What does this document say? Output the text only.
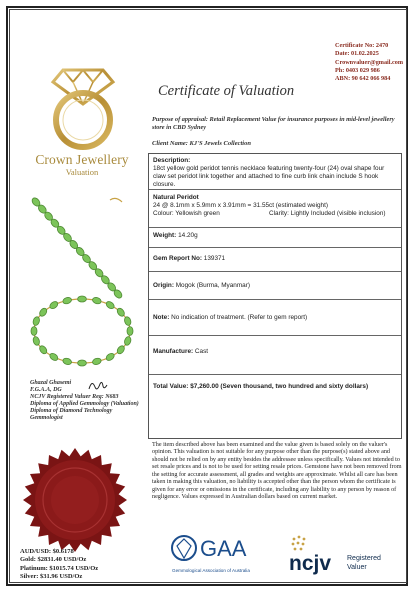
Crown Jewellery
Valuation
Certificate No: 2470
Date: 01.02.2025
Crownvaluer@gmail.com
Ph: 0403 029 986
ABN: 90 642 066 984
Certificate of Valuation
Purpose of appraisal: Retail Replacement Value for insurance purposes in mid-level jewellery store in CBD Sydney
Client Name: KJ'S Jewels Collection
Ghazal Ghasemi
F.G.A.A, DG
NCJV Registered Valuer Reg: N683
Diploma of Applied Gemmology (Valuation)
Diploma of Diamond Technology
Gemmologist
AUD/USD: $0.6178
Gold: $2831.40 USD/Oz
Platinum: $1015.74 USD/Oz
Silver: $31.96 USD/Oz
Description:
18ct yellow gold peridot tennis necklace featuring twenty-four (24) oval shape four claw set peridot link together and attached to fine curb link chain include S hook closure.
Natural Peridot
24 @ 8.1mm x 5.9mm x 3.91mm = 31.55ct (estimated weight)
Colour: Yellowish green	Clarity: Lightly Included (visible inclusion)
Weight: 14.20g
Gem Report No: 139371
Origin: Mogok (Burma, Myanmar)
Note: No indication of treatment. (Refer to gem report)
Manufacture: Cast
Total Value: $7,260.00 (Seven thousand, two hundred and sixty dollars)
The item described above has been examined and the value given is based solely on the valuer's opinion. This valuation is not suitable for any purpose other than the purpose(s) stated above and should not be relied on by any entity besides the addressee unless specifically. Values not intended to set resale prices and is not to be used for setting resale prices. Gemstone have not been removed from the setting for accurate assessment, all grades and weights are approximate. Whilst all care has been taken in making this valuation, no liability is accepted other than the person whom the certificate is given for any error or omissions in the certificate, including any liability to any person by reason of negligence. Values expressed in Australian dollars based on current market.
GAA
Gemmological Association of Australia ncjv Registered
Valuer
